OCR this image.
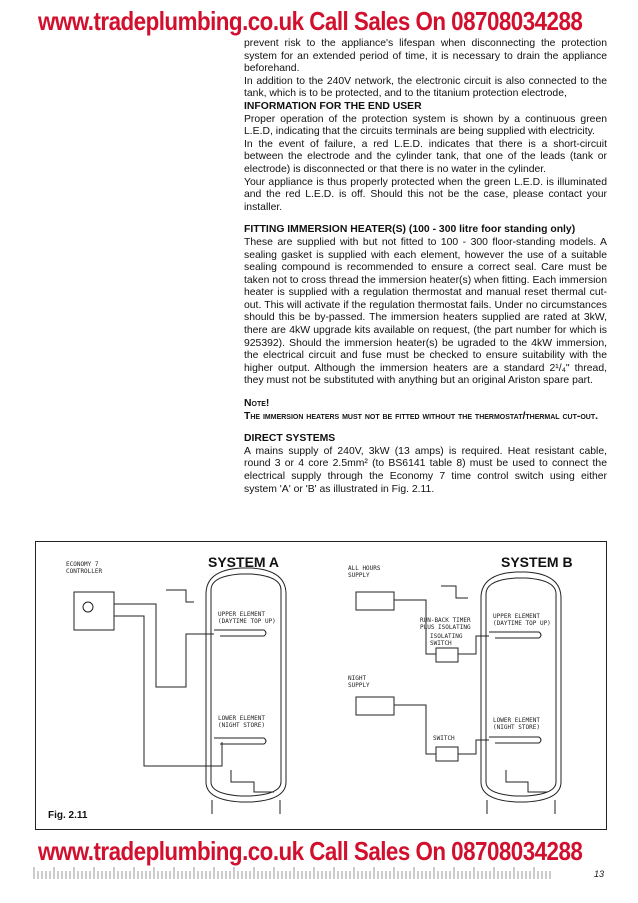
www.tradeplumbing.co.uk Call Sales On 08708034288

prevent risk to the appliance's lifespan when disconnecting the protection system for an extended period of time, it is necessary to drain the appliance beforehand.

In addition to the 240V network, the electronic circuit is also connected to the tank, which is to be protected, and to the titanium protection electrode,

INFORMATION FOR THE END USER

Proper operation of the protection system is shown by a continuous green L.E.D, indicating that the circuits terminals are being supplied with electricity.

In the event of failure, a red L.E.D. indicates that there is a short-circuit between the electrode and the cylinder tank, that one of the leads (tank or electrode) is disconnected or that there is no water in the cylinder.

Your appliance is thus properly protected when the green L.E.D. is illuminated and the red L.E.D. is off. Should this not be the case, please contact your installer.

FITTING IMMERSION HEATER(S) (100 - 300 litre foor standing only)

These are supplied with but not fitted to 100 - 300 floor-standing models. A sealing gasket is supplied with each element, however the use of a suitable sealing compound is recommended to ensure a correct seal. Care must be taken not to cross thread the immersion heater(s) when fitting. Each immersion heater is supplied with a regulation thermostat and manual reset thermal cut-out. This will activate if the regulation thermostat fails. Under no circumstances should this be by-passed. The immersion heaters supplied are rated at 3kW, there are 4kW upgrade kits available on request, (the part number for which is 925392). Should the immersion heater(s) be ugraded to the 4kW immersion, the electrical circuit and fuse must be checked to ensure suitability with the higher output. Although the immersion heaters are a standard 2¹/₄" thread, they must not be substituted with anything but an original Ariston spare part.

Note!

The immersion heaters must not be fitted without the thermostat/thermal cut-out.

DIRECT SYSTEMS

A mains supply of 240V, 3kW (13 amps) is required. Heat resistant cable, round 3 or 4 core 2.5mm² (to BS6141 table 8) must be used to connect the electrical supply through the Economy 7 time control switch using either system 'A' or 'B' as illustrated in Fig. 2.11.

SYSTEM A	SYSTEM B
ECONOMY 7
CONTROLLER
UPPER ELEMENT
(DAYTIME TOP UP)
LOWER ELEMENT
(NIGHT STORE)
ALL HOURS
SUPPLY
RUN-BACK TIMER
PLUS ISOLATING
ISOLATING
SWITCH
UPPER ELEMENT
(DAYTIME TOP UP)
NIGHT
SUPPLY
LOWER ELEMENT
(NIGHT STORE)
SWITCH
Fig. 2.11
www.tradeplumbing.co.uk Call Sales On 08708034288
13
